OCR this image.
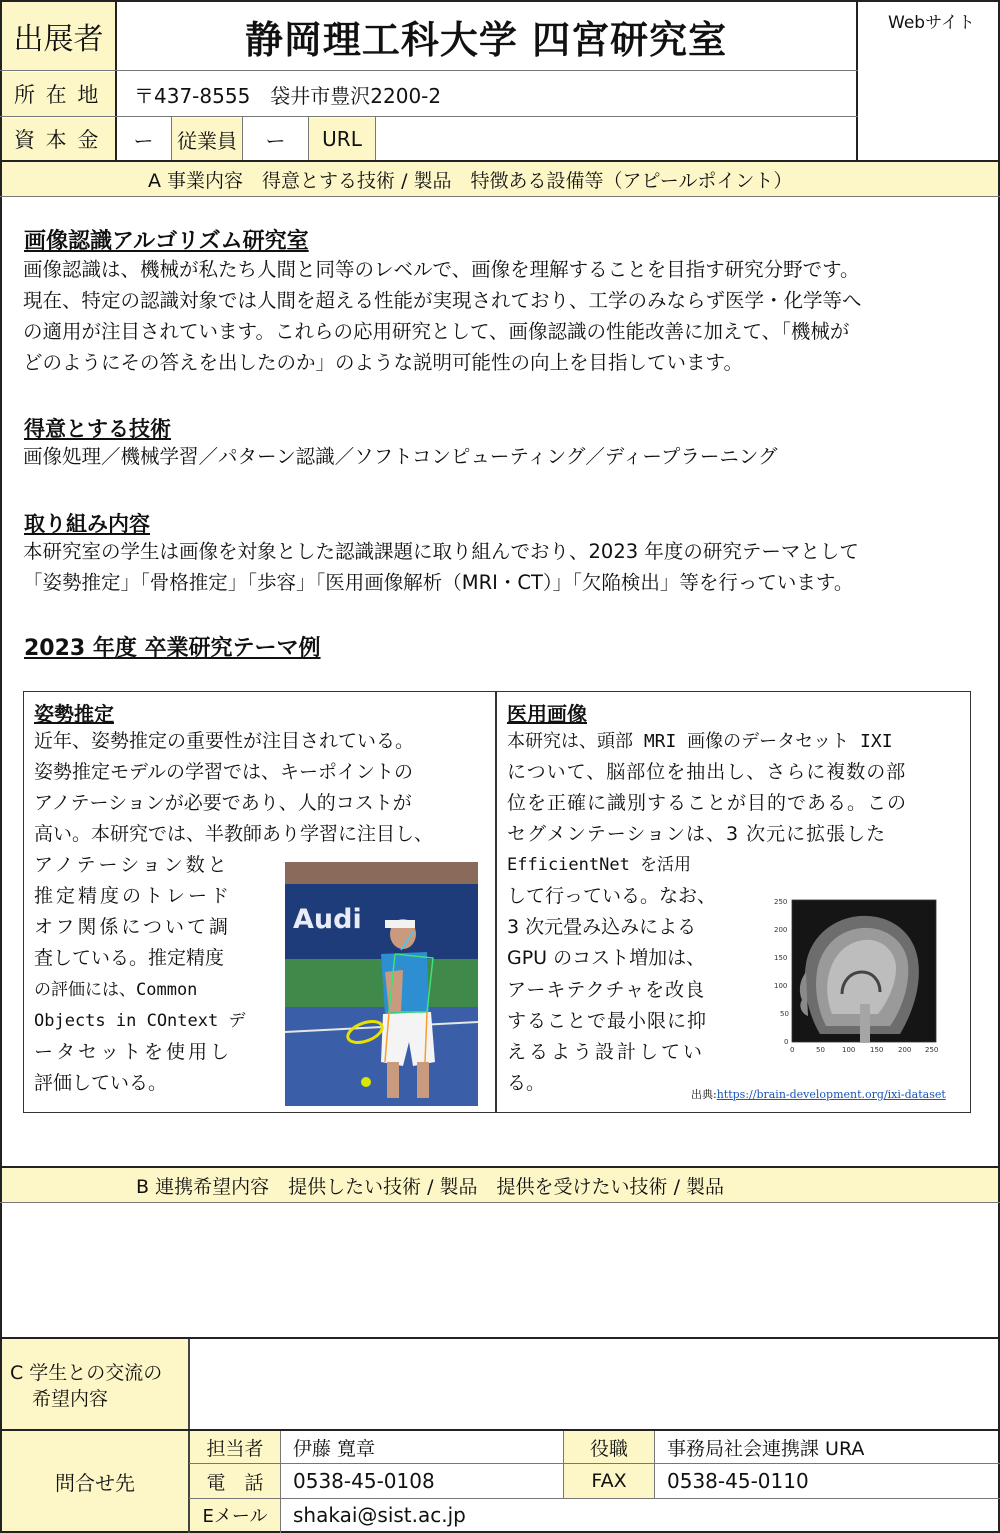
出展者	静岡理工科大学 四宮研究室	Webサイト
所 在 地 〒437-8555　袋井市豊沢2200-2
資 本 金 ー 従業員 ー URL
A 事業内容　得意とする技術 / 製品　特徴ある設備等（アピールポイント）
画像認識アルゴリズム研究室
画像認識は、機械が私たち人間と同等のレベルで、画像を理解することを目指す研究分野です。
現在、特定の認識対象では人間を超える性能が実現されており、工学のみならず医学・化学等へ
の適用が注目されています。これらの応用研究として、画像認識の性能改善に加えて、「機械が
どのようにその答えを出したのか」のような説明可能性の向上を目指しています。
得意とする技術
画像処理／機械学習／パターン認識／ソフトコンピューティング／ディープラーニング
取り組み内容
本研究室の学生は画像を対象とした認識課題に取り組んでおり、2023 年度の研究テーマとして
「姿勢推定」「骨格推定」「歩容」「医用画像解析（MRI・CT）」「欠陥検出」等を行っています。
2023 年度 卒業研究テーマ例
姿勢推定
近年、姿勢推定の重要性が注目されている。
姿勢推定モデルの学習では、キーポイントの
アノテーションが必要であり、人的コストが
高い。本研究では、半教師あり学習に注目し、
アノテーション数と
推定精度のトレード
オフ関係について調
査している。推定精度
の評価には、Common
Objects in COntext デ
ータセットを使用し
評価している。
Audi
医用画像
本研究は、頭部 MRI 画像のデータセット IXI
について、脳部位を抽出し、さらに複数の部
位を正確に識別することが目的である。この
セグメンテーションは、3 次元に拡張した
EfficientNet を活用
して行っている。なお、
3 次元畳み込みによる
GPU のコスト増加は、
アーキテクチャを改良
することで最小限に抑
えるよう設計してい
る。
250
200
150
100
50
0
0	50 100 150 200 250
出典:https://brain-development.org/ixi-dataset
B 連携希望内容　提供したい技術 / 製品　提供を受けたい技術 / 製品
C 学生との交流の
希望内容
問合せ先
担当者 伊藤 寛章	役職 事務局社会連携課 URA
電　話 0538-45-0108	FAX 0538-45-0110
Eメール shakai@sist.ac.jp
